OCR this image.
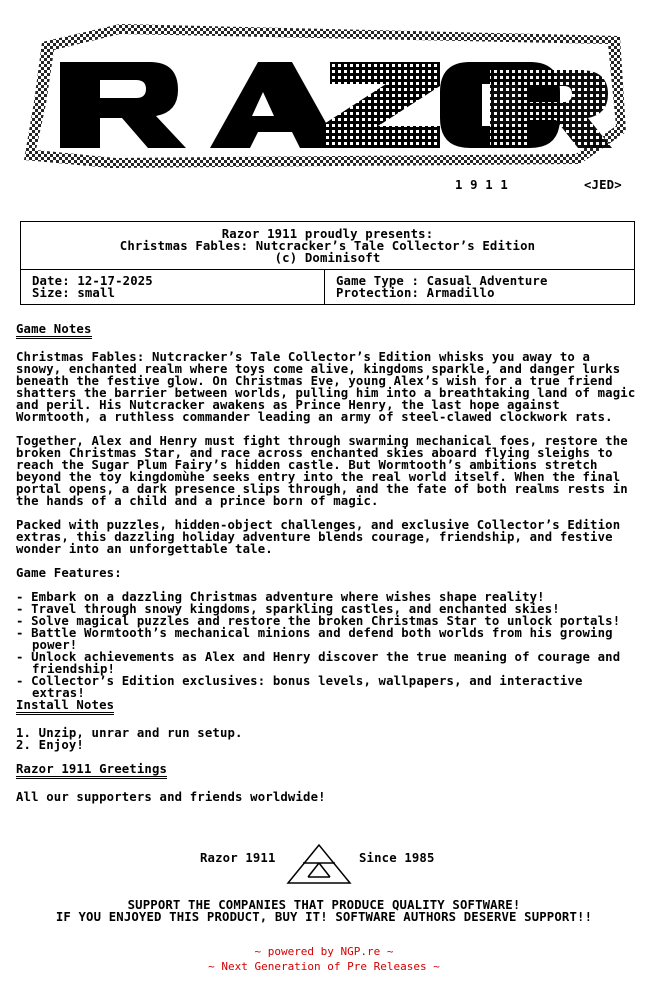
1 9 1 1	<JED>
Razor 1911 proudly presents:
Christmas Fables: Nutcracker’s Tale Collector’s Edition
(c) Dominisoft
Date: 12-17-2025
Size: small
Game Type : Casual Adventure
Protection: Armadillo
Game Notes

Christmas Fables: Nutcracker’s Tale Collector’s Edition whisks you away to a snowy, enchanted realm where toys come alive, kingdoms sparkle, and danger lurks beneath the festive glow. On Christmas Eve, young Alex’s wish for a true friend shatters the barrier between worlds, pulling him into a breathtaking land of magic and peril. His Nutcracker awakens as Prince Henry, the last hope against Wormtooth, a ruthless commander leading an army of steel-clawed clockwork rats.

Together, Alex and Henry must fight through swarming mechanical foes, restore the broken Christmas Star, and race across enchanted skies aboard flying sleighs to reach the Sugar Plum Fairy’s hidden castle. But Wormtooth’s ambitions stretch beyond the toy kingdomùhe seeks entry into the real world itself. When the final portal opens, a dark presence slips through, and the fate of both realms rests in the hands of a child and a prince born of magic.

Packed with puzzles, hidden-object challenges, and exclusive Collector’s Edition extras, this dazzling holiday adventure blends courage, friendship, and festive wonder into an unforgettable tale.

Game Features:

- Embark on a dazzling Christmas adventure where wishes shape reality!
- Travel through snowy kingdoms, sparkling castles, and enchanted skies!
- Solve magical puzzles and restore the broken Christmas Star to unlock portals!
- Battle Wormtooth’s mechanical minions and defend both worlds from his growing power!
- Unlock achievements as Alex and Henry discover the true meaning of courage and friendship!
- Collector’s Edition exclusives: bonus levels, wallpapers, and interactive extras!
Install Notes
1. Unzip, unrar and run setup.
2. Enjoy!
Razor 1911 Greetings

All our supporters and friends worldwide!

Razor 1911	Since 1985
SUPPORT THE COMPANIES THAT PRODUCE QUALITY SOFTWARE!
IF YOU ENJOYED THIS PRODUCT, BUY IT! SOFTWARE AUTHORS DESERVE SUPPORT!!
~ powered by NGP.re ~
~ Next Generation of Pre Releases ~
